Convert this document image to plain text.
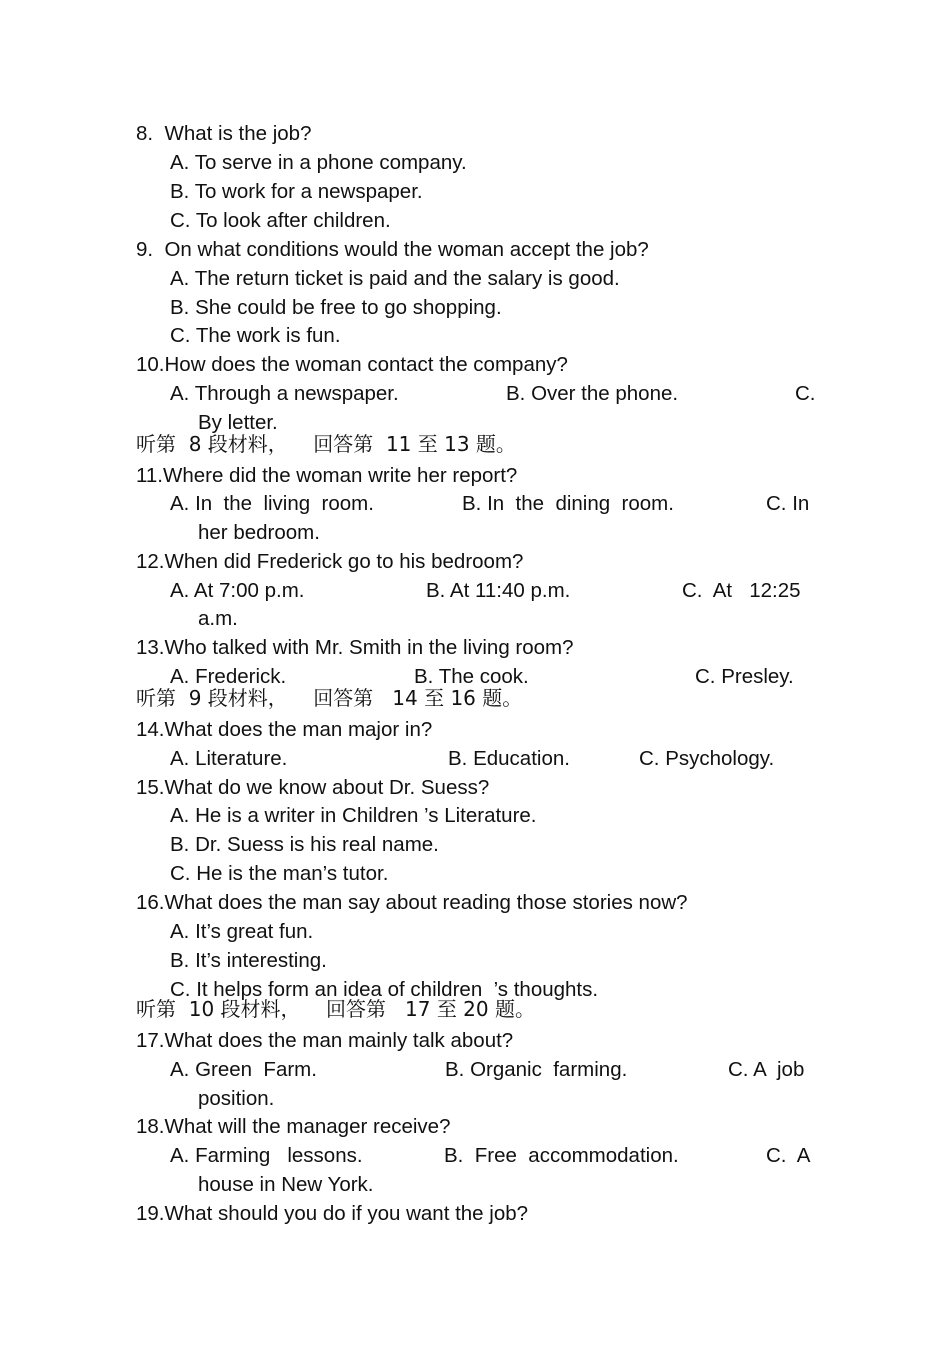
8.  What is the job?
A. To serve in a phone company.
B. To work for a newspaper.
C. To look after children.
9.  On what conditions would the woman accept the job?
A. The return ticket is paid and the salary is good.
B. She could be free to go shopping.
C. The work is fun.
10.How does the woman contact the company?
A. Through a newspaper.	B. Over the phone.	C.
By letter.
听第  8 段材料，    回答第  11 至 13 题。
11.Where did the woman write her report?
A. In  the  living  room.	B. In  the  dining  room.	C. In
her bedroom.
12.When did Frederick go to his bedroom?
A. At 7:00 p.m.	B. At 11:40 p.m.	C.  At   12:25
a.m.
13.Who talked with Mr. Smith in the living room?
A. Frederick.	B. The cook.	C. Presley.
听第  9 段材料，    回答第   14 至 16 题。
14.What does the man major in?
A. Literature.	B. Education.	C. Psychology.
15.What do we know about Dr. Suess?
A. He is a writer in Children ’s Literature.
B. Dr. Suess is his real name.
C. He is the man’s tutor.
16.What does the man say about reading those stories now?
A. It’s great fun.
B. It’s interesting.
C. It helps form an idea of children  ’s thoughts.
听第  10 段材料，    回答第   17 至 20 题。
17.What does the man mainly talk about?
A. Green  Farm.	B. Organic  farming.	C. A  job
position.
18.What will the manager receive?
A. Farming   lessons.	B.  Free  accommodation.	C.  A
house in New York.
19.What should you do if you want the job?
